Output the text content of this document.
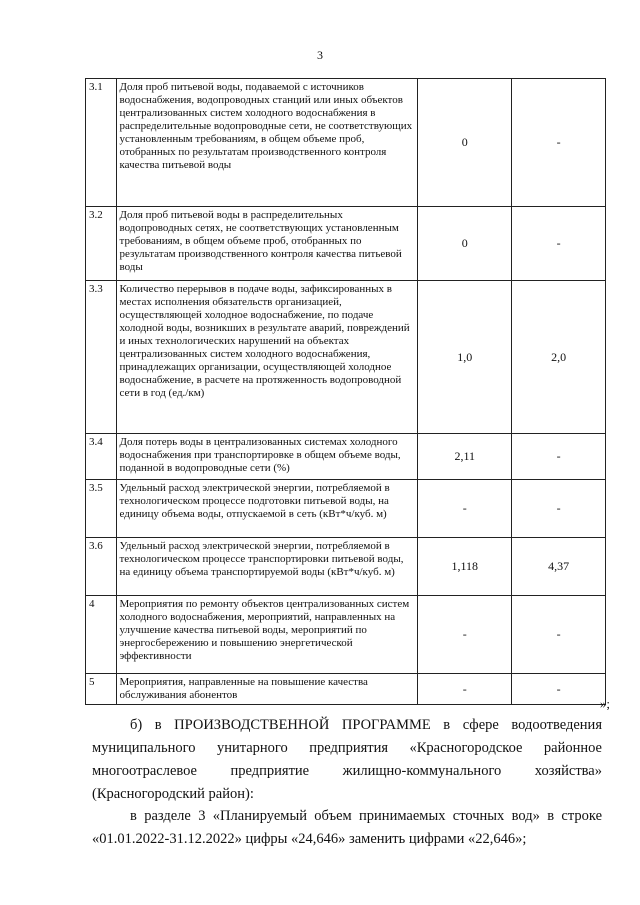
3
3.1	Доля проб питьевой воды, подаваемой с источников водоснабжения, водопроводных станций или иных объектов централизованных систем холодного водоснабжения в распределительные водопроводные сети, не соответствующих установленным требованиям, в общем объеме проб, отобранных по результатам производственного контроля качества питьевой воды	0	-
3.2	Доля проб питьевой воды в распределительных водопроводных сетях, не соответствующих установленным требованиям, в общем объеме проб, отобранных по результатам производственного контроля качества питьевой воды	0	-
3.3	Количество перерывов в подаче воды, зафиксированных в местах исполнения обязательств организацией, осуществляющей холодное водоснабжение, по подаче холодной воды, возникших в результате аварий, повреждений и иных технологических нарушений на объектах централизованных систем холодного водоснабжения, принадлежащих организации, осуществляющей холодное водоснабжение, в расчете на протяженность водопроводной сети в год (ед./км)	1,0	2,0
3.4	Доля потерь воды в централизованных системах холодного водоснабжения при транспортировке в общем объеме воды, поданной в водопроводные сети (%)	2,11	-
3.5	Удельный расход электрической энергии, потребляемой в технологическом процессе подготовки питьевой воды, на единицу объема воды, отпускаемой в сеть (кВт*ч/куб. м)	-	-
3.6	Удельный расход электрической энергии, потребляемой в технологическом процессе транспортировки питьевой воды, на единицу объема транспортируемой воды (кВт*ч/куб. м)	1,118	4,37
4	Мероприятия по ремонту объектов централизованных систем холодного водоснабжения, мероприятий, направленных на улучшение качества питьевой воды, мероприятий по энергосбережению и повышению энергетической эффективности	-	-
5	Мероприятия, направленные на повышение качества обслуживания абонентов	-	-
»;
б) в ПРОИЗВОДСТВЕННОЙ ПРОГРАММЕ в сфере водоотведения муниципального унитарного предприятия «Красногородское районное многоотраслевое предприятие жилищно-коммунального хозяйства» (Красногородский район):
в разделе 3 «Планируемый объем принимаемых сточных вод» в строке «01.01.2022-31.12.2022» цифры «24,646» заменить цифрами «22,646»;
